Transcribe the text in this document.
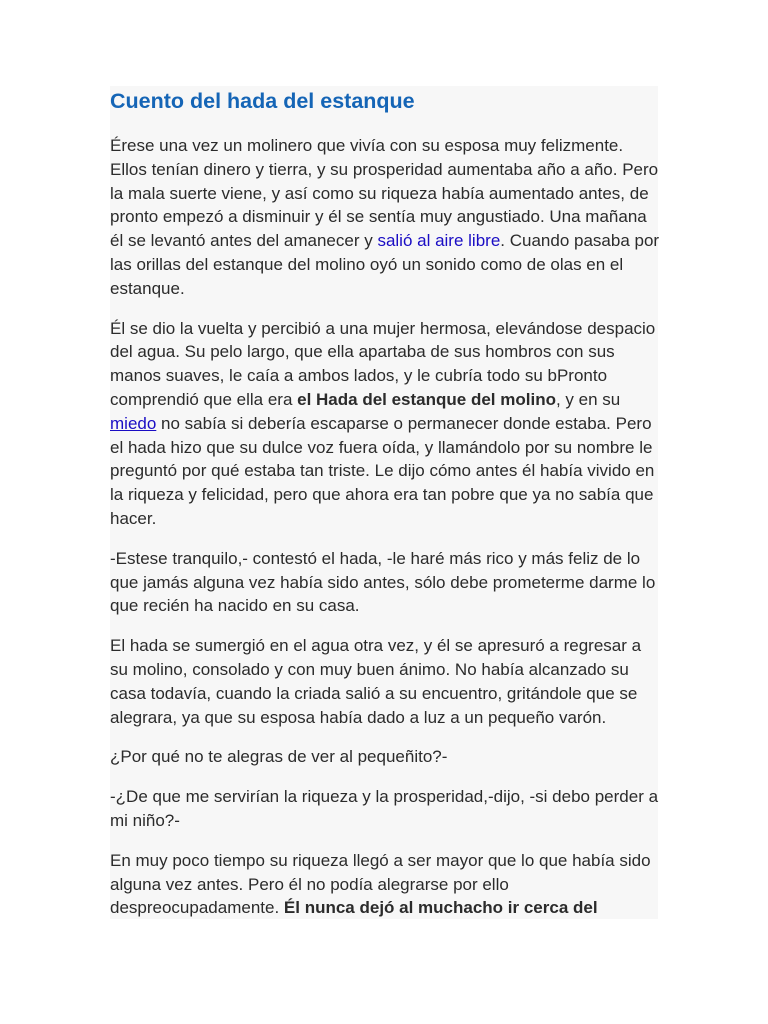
Cuento del hada del estanque

Érese una vez un molinero que vivía con su esposa muy felizmente. Ellos tenían dinero y tierra, y su prosperidad aumentaba año a año. Pero la mala suerte viene, y así como su riqueza había aumentado antes, de pronto empezó a disminuir y él se sentía muy angustiado. Una mañana él se levantó antes del amanecer y salió al aire libre. Cuando pasaba por las orillas del estanque del molino oyó un sonido como de olas en el estanque.

Él se dio la vuelta y percibió a una mujer hermosa, elevándose despacio del agua. Su pelo largo, que ella apartaba de sus hombros con sus manos suaves, le caía a ambos lados, y le cubría todo su bPronto comprendió que ella era el Hada del estanque del molino, y en su miedo no sabía si debería escaparse o permanecer donde estaba. Pero el hada hizo que su dulce voz fuera oída, y llamándolo por su nombre le preguntó por qué estaba tan triste. Le dijo cómo antes él había vivido en la riqueza y felicidad, pero que ahora era tan pobre que ya no sabía que hacer.

-Estese tranquilo,- contestó el hada, -le haré más rico y más feliz de lo que jamás alguna vez había sido antes, sólo debe prometerme darme lo que recién ha nacido en su casa.

El hada se sumergió en el agua otra vez, y él se apresuró a regresar a su molino, consolado y con muy buen ánimo. No había alcanzado su casa todavía, cuando la criada salió a su encuentro, gritándole que se alegrara, ya que su esposa había dado a luz a un pequeño varón.

¿Por qué no te alegras de ver al pequeñito?-

-¿De que me servirían la riqueza y la prosperidad,-dijo, -si debo perder a mi niño?-

En muy poco tiempo su riqueza llegó a ser mayor que lo que había sido alguna vez antes. Pero él no podía alegrarse por ello despreocupadamente. Él nunca dejó al muchacho ir cerca del
